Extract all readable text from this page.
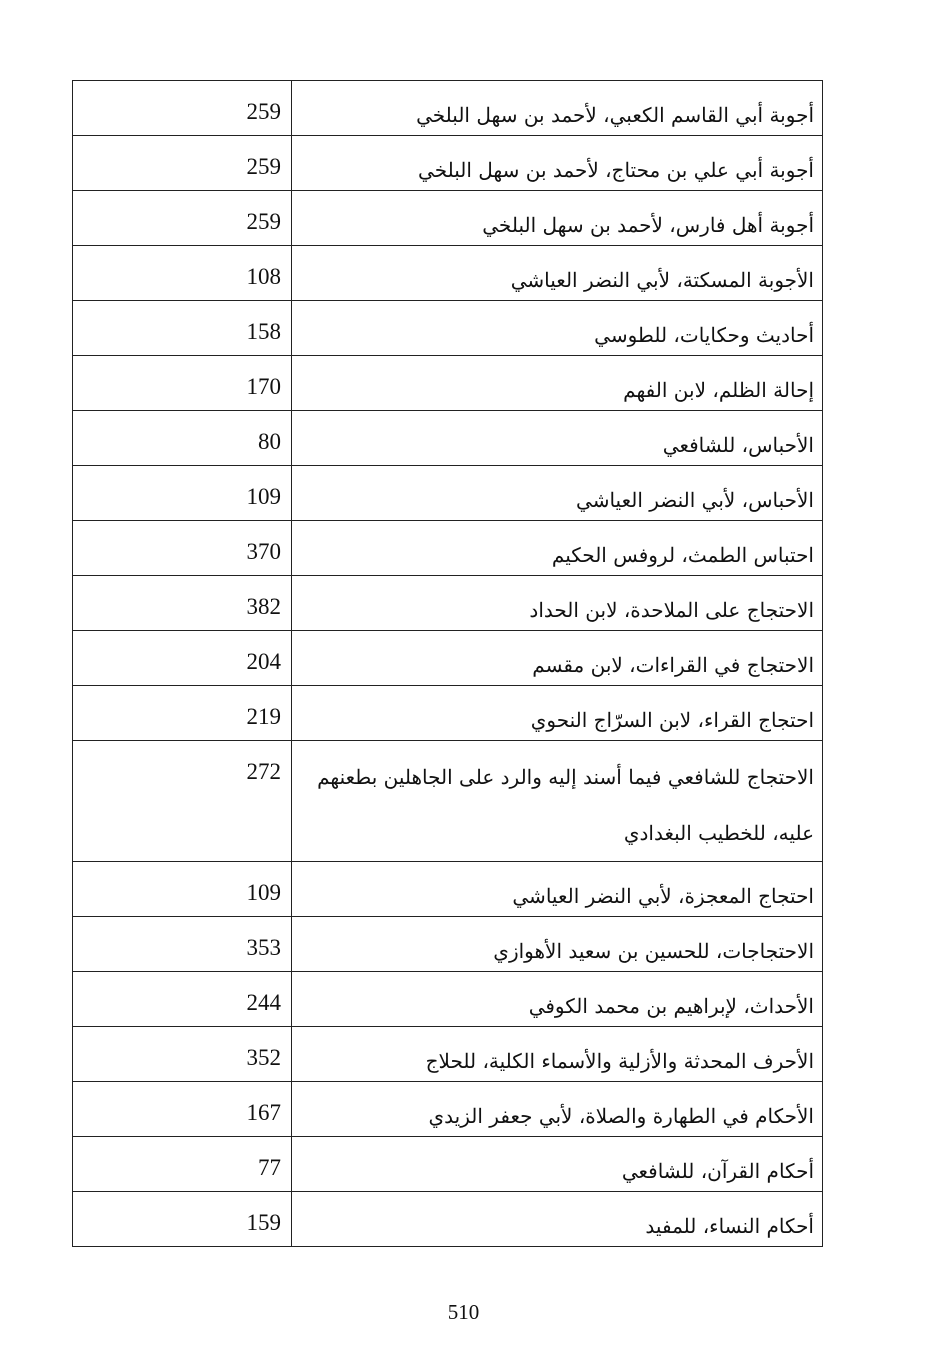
259	أجوبة أبي القاسم الكعبي، لأحمد بن سهل البلخي
259	أجوبة أبي علي بن محتاج، لأحمد بن سهل البلخي
259	أجوبة أهل فارس، لأحمد بن سهل البلخي
108	الأجوبة المسكتة، لأبي النضر العياشي
158	أحاديث وحكايات، للطوسي
170	إحالة الظلم، لابن الفهم
80	الأحباس، للشافعي
109	الأحباس، لأبي النضر العياشي
370	احتباس الطمث، لروفس الحكيم
382	الاحتجاج على الملاحدة، لابن الحداد
204	الاحتجاج في القراءات، لابن مقسم
219	احتجاج القراء، لابن السرّاج النحوي
272	الاحتجاج للشافعي فيما أسند إليه والرد على الجاهلين بطعنهم عليه، للخطيب البغدادي
109	احتجاج المعجزة، لأبي النضر العياشي
353	الاحتجاجات، للحسين بن سعيد الأهوازي
244	الأحداث، لإبراهيم بن محمد الكوفي
352	الأحرف المحدثة والأزلية والأسماء الكلية، للحلاج
167	الأحكام في الطهارة والصلاة، لأبي جعفر الزيدي
77	أحكام القرآن، للشافعي
159	أحكام النساء، للمفيد
510
